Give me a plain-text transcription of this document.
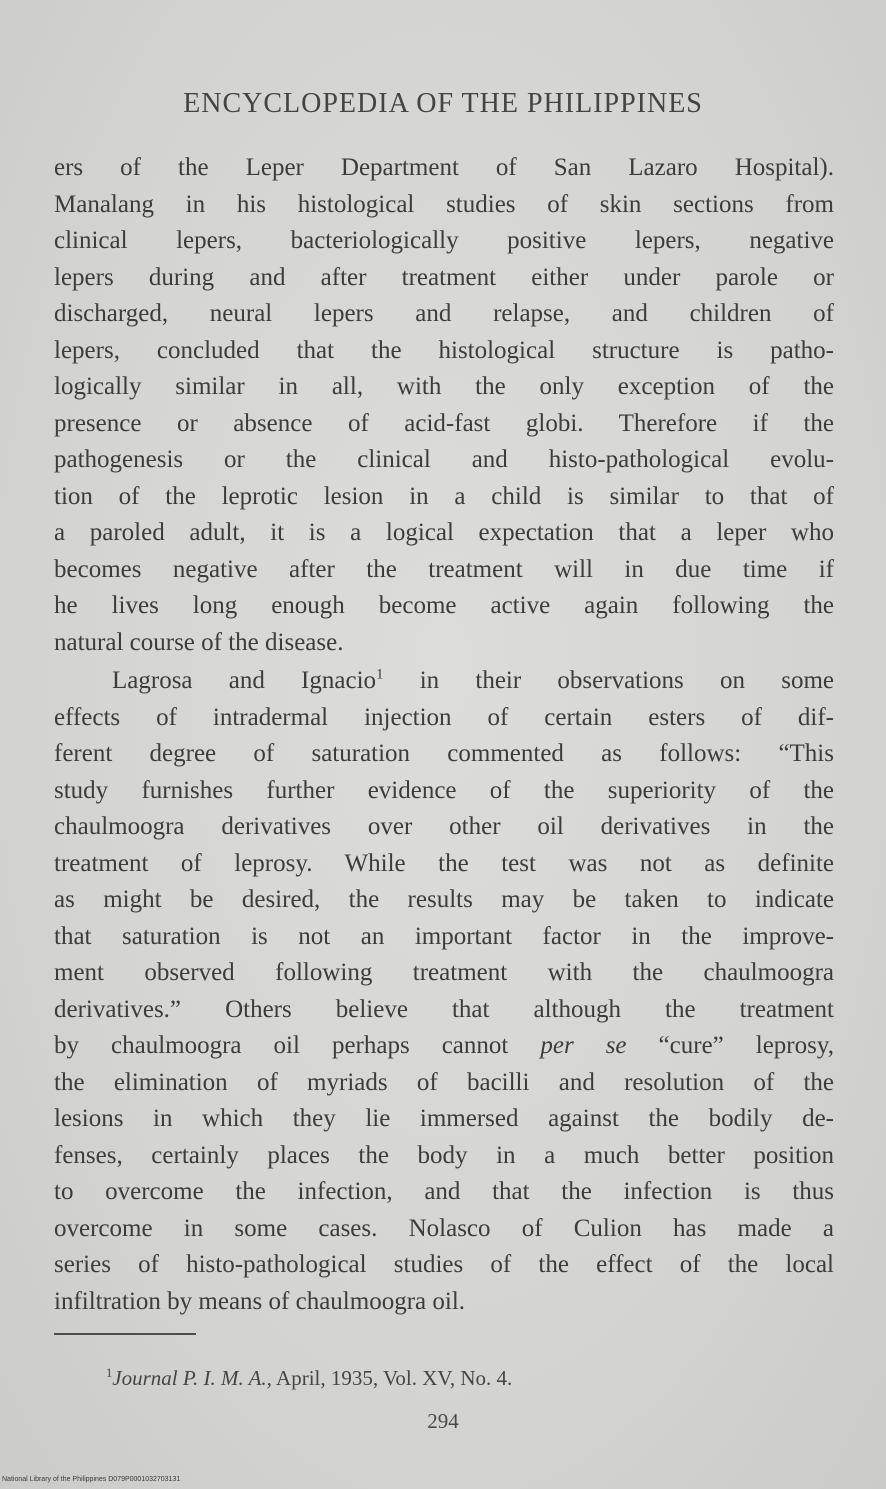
ENCYCLOPEDIA OF THE PHILIPPINES
ers of the Leper Department of San Lazaro Hospital).
Manalang in his histological studies of skin sections from
clinical lepers, bacteriologically positive lepers, negative
lepers during and after treatment either under parole or
discharged, neural lepers and relapse, and children of
lepers, concluded that the histological structure is patho-
logically similar in all, with the only exception of the
presence or absence of acid-fast globi. Therefore if the
pathogenesis or the clinical and histo-pathological evolu-
tion of the leprotic lesion in a child is similar to that of
a paroled adult, it is a logical expectation that a leper who
becomes negative after the treatment will in due time if
he lives long enough become active again following the
natural course of the disease.
Lagrosa and Ignacio$^1$ in their observations on some
effects of intradermal injection of certain esters of dif-
ferent degree of saturation commented as follows: “This
study furnishes further evidence of the superiority of the
chaulmoogra derivatives over other oil derivatives in the
treatment of leprosy. While the test was not as definite
as might be desired, the results may be taken to indicate
that saturation is not an important factor in the improve-
ment observed following treatment with the chaulmoogra
derivatives.” Others believe that although the treatment
by chaulmoogra oil perhaps cannot per se “cure” leprosy,
the elimination of myriads of bacilli and resolution of the
lesions in which they lie immersed against the bodily de-
fenses, certainly places the body in a much better position
to overcome the infection, and that the infection is thus
overcome in some cases. Nolasco of Culion has made a
series of histo-pathological studies of the effect of the local
infiltration by means of chaulmoogra oil.
$^1$Journal P. I. M. A., April, 1935, Vol. XV, No. 4.
294
National Library of the Philippines D079P0001032703131
